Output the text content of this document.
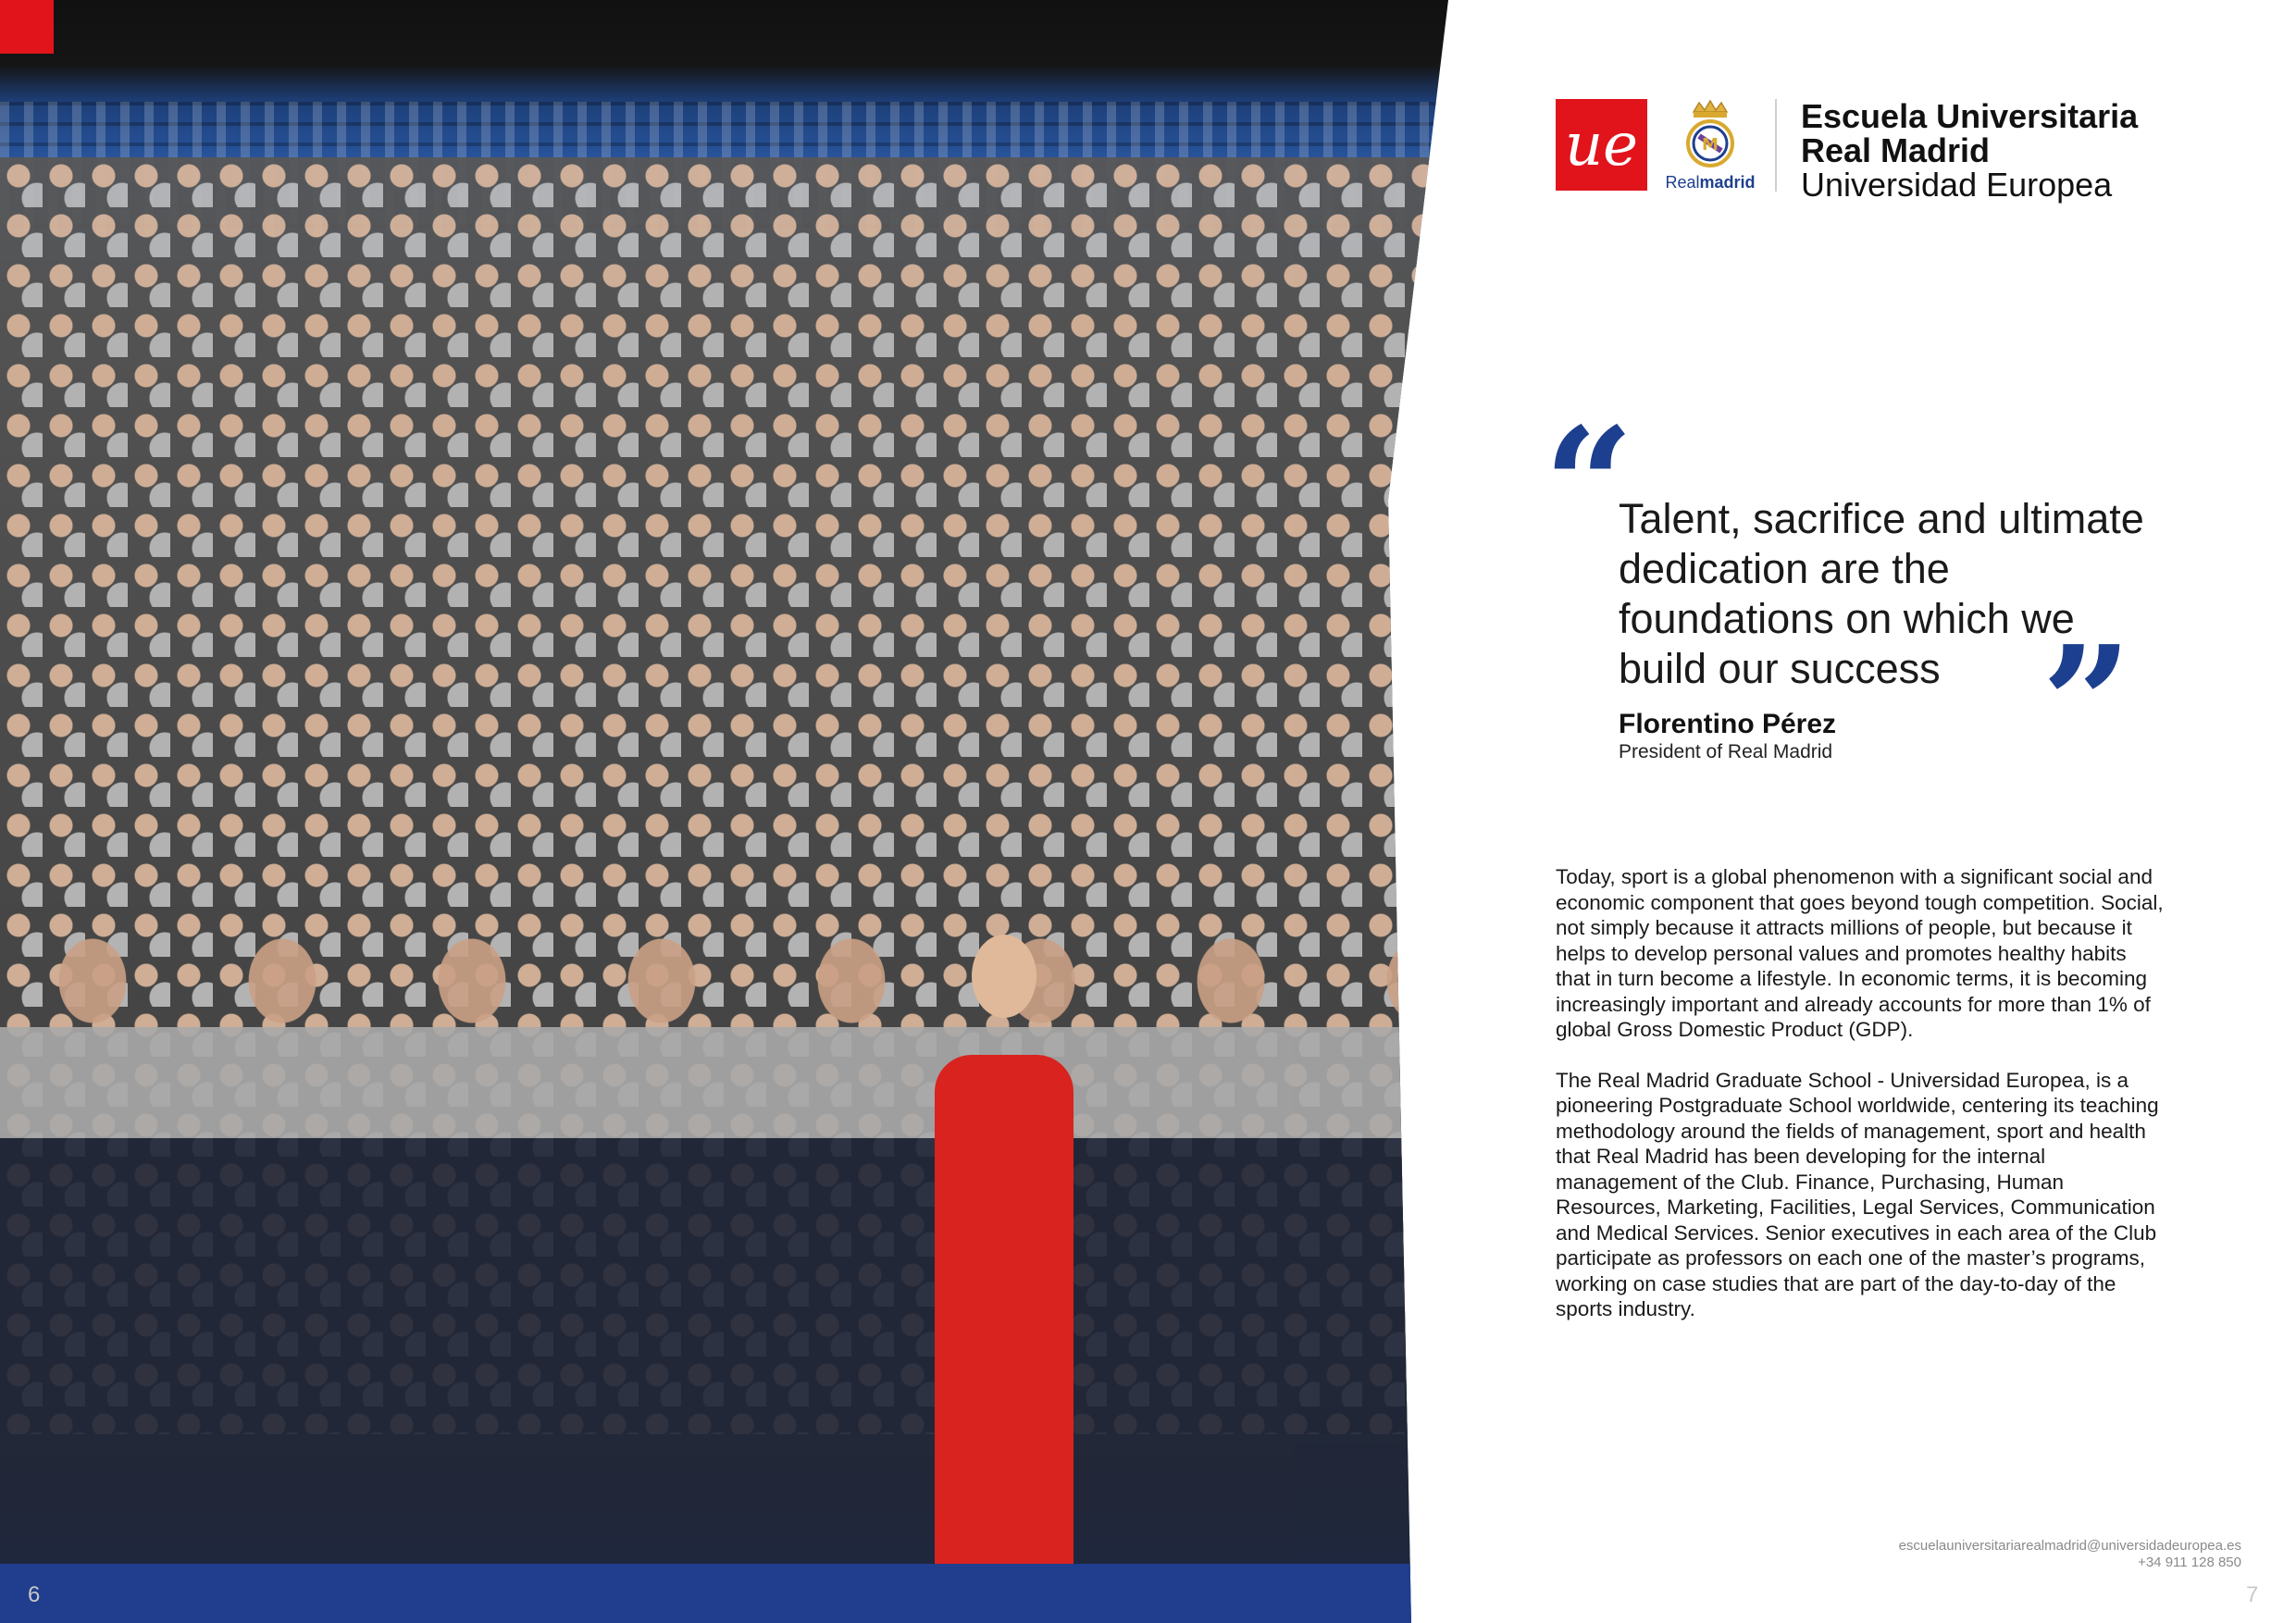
6
ue	M
Realmadrid
Escuela Universitaria
Real Madrid
Universidad Europea
“
Talent, sacrifice and ultimate dedication are the foundations on which we build our success ”
Florentino Pérez
President of Real Madrid

Today, sport is a global phenomenon with a significant social and economic component that goes beyond tough competition. Social, not simply because it attracts millions of people, but because it helps to develop personal values and promotes healthy habits that in turn become a lifestyle. In economic terms, it is becoming increasingly important and already accounts for more than 1% of global Gross Domestic Product (GDP).

The Real Madrid Graduate School - Universidad Europea, is a pioneering Postgraduate School worldwide, centering its teaching methodology around the fields of management, sport and health that Real Madrid has been developing for the internal management of the Club. Finance, Purchasing, Human Resources, Marketing, Facilities, Legal Services, Communication and Medical Services. Senior executives in each area of the Club participate as professors on each one of the master’s programs, working on case studies that are part of the day-to-day of the sports industry.

escuelauniversitariarealmadrid@universidadeuropea.es
+34 911 128 850
7
